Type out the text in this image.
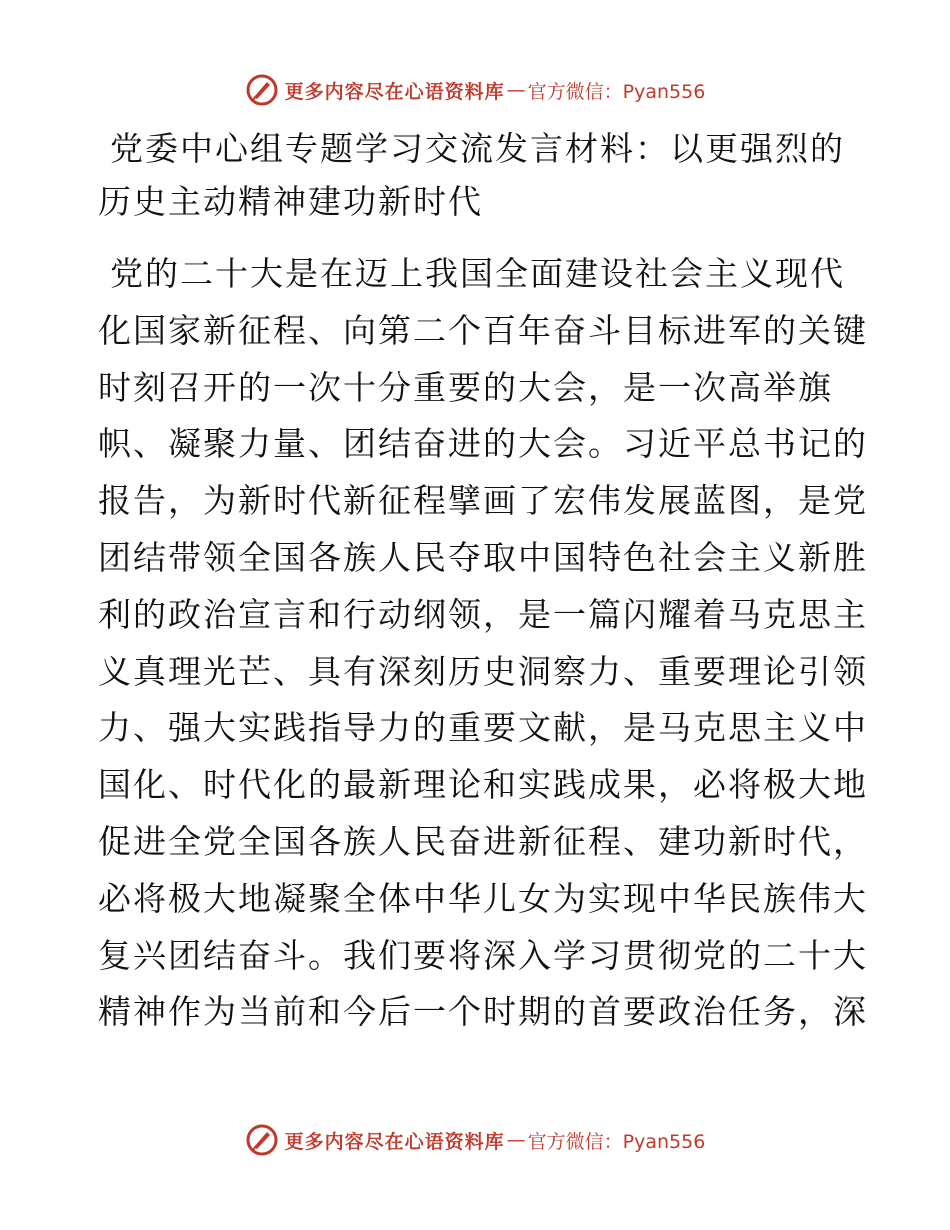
更多内容尽在心语资料库 — 官方微信：Pyan556
党委中心组专题学习交流发言材料：以更强烈的
历史主动精神建功新时代
党的二十大是在迈上我国全面建设社会主义现代
化国家新征程、向第二个百年奋斗目标进军的关键
时刻召开的一次十分重要的大会，是一次高举旗
帜、凝聚力量、团结奋进的大会。习近平总书记的
报告，为新时代新征程擘画了宏伟发展蓝图，是党
团结带领全国各族人民夺取中国特色社会主义新胜
利的政治宣言和行动纲领，是一篇闪耀着马克思主
义真理光芒、具有深刻历史洞察力、重要理论引领
力、强大实践指导力的重要文献，是马克思主义中
国化、时代化的最新理论和实践成果，必将极大地
促进全党全国各族人民奋进新征程、建功新时代，
必将极大地凝聚全体中华儿女为实现中华民族伟大
复兴团结奋斗。我们要将深入学习贯彻党的二十大
精神作为当前和今后一个时期的首要政治任务，深
更多内容尽在心语资料库 — 官方微信：Pyan556
